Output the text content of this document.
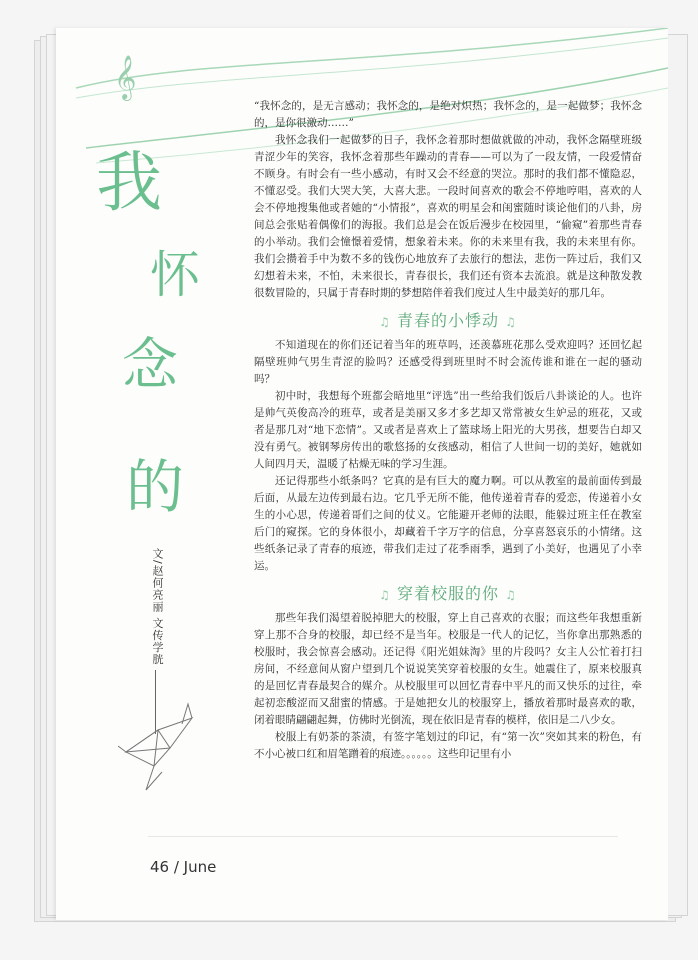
𝄞
我
怀
念
的
文/赵何亮丽 文传学胱
46 / June

“我怀念的，是无言感动；我怀念的，是绝对炽热；我怀念的，是一起做梦；我怀念的，是你很激动……”

我怀念我们一起做梦的日子，我怀念着那时想做就做的冲动，我怀念隔壁班级青涩少年的笑容，我怀念着那些年躁动的青春——可以为了一段友情，一段爱情奋不顾身。有时会有一些小感动，有时又会不经意的哭泣。那时的我们都不懂隐忍，不懂忍受。我们大哭大笑，大喜大悲。一段时间喜欢的歌会不停地哼唱，喜欢的人会不停地搜集他或者她的“小情报”，喜欢的明星会和闺蜜随时谈论他们的八卦，房间总会张贴着偶像们的海报。我们总是会在饭后漫步在校园里，“偷窥”着那些青春的小举动。我们会憧憬着爱情，想象着未来。你的未来里有我，我的未来里有你。我们会攒着手中为数不多的钱伤心地放弃了去旅行的想法，悲伤一阵过后，我们又幻想着未来，不怕，未来很长，青春很长，我们还有资本去流浪。就是这种散发教很数冒险的，只属于青春时期的梦想陪伴着我们度过人生中最美好的那几年。

♫ 青春的小悸动 ♫

不知道现在的你们还记着当年的班草吗，还羡慕班花那么受欢迎吗？还回忆起隔壁班帅气男生青涩的脸吗？还感受得到班里时不时会流传谁和谁在一起的骚动吗？

初中时，我想每个班都会暗地里“评选”出一些给我们饭后八卦谈论的人。也许是帅气英俊高冷的班草，或者是美丽又多才多艺却又常常被女生妒忌的班花，又或者是那几对“地下恋情”。又或者是喜欢上了篮球场上阳光的大男孩，想要告白却又没有勇气。被钢琴房传出的歌悠扬的女孩感动，相信了人世间一切的美好，她就如人间四月天，温暖了枯燥无味的学习生涯。

还记得那些小纸条吗？它真的是有巨大的魔力啊。可以从教室的最前面传到最后面，从最左边传到最右边。它几乎无所不能，他传递着青春的爱恋，传递着小女生的小心思，传递着哥们之间的仗义。它能避开老师的法眼，能躲过班主任在教室后门的窥探。它的身体很小，却藏着千字万字的信息，分享喜怒哀乐的小情绪。这些纸条记录了青春的痕迹，带我们走过了花季雨季，遇到了小美好，也遇见了小幸运。

♫ 穿着校服的你 ♫

那些年我们渴望着脱掉肥大的校服，穿上自己喜欢的衣服；而这些年我想重新穿上那不合身的校服，却已经不是当年。校服是一代人的记忆，当你拿出那熟悉的校服时，我会惊喜会感动。还记得《阳光姐妹淘》里的片段吗？女主人公忙着打扫房间，不经意间从窗户望到几个说说笑笑穿着校服的女生。她震住了，原来校服真的是回忆青春最契合的媒介。从校服里可以回忆青春中平凡的而又快乐的过往，牵起初恋酸涩而又甜蜜的情感。于是她把女儿的校服穿上，播放着那时最喜欢的歌，闭着眼睛翩翩起舞，仿佛时光倒流，现在依旧是青春的模样，依旧是二八少女。

校服上有奶茶的茶渍，有签字笔划过的印记，有“第一次”突如其来的粉色，有不小心被口红和眉笔蹭着的痕迹。。。。。。这些印记里有小
